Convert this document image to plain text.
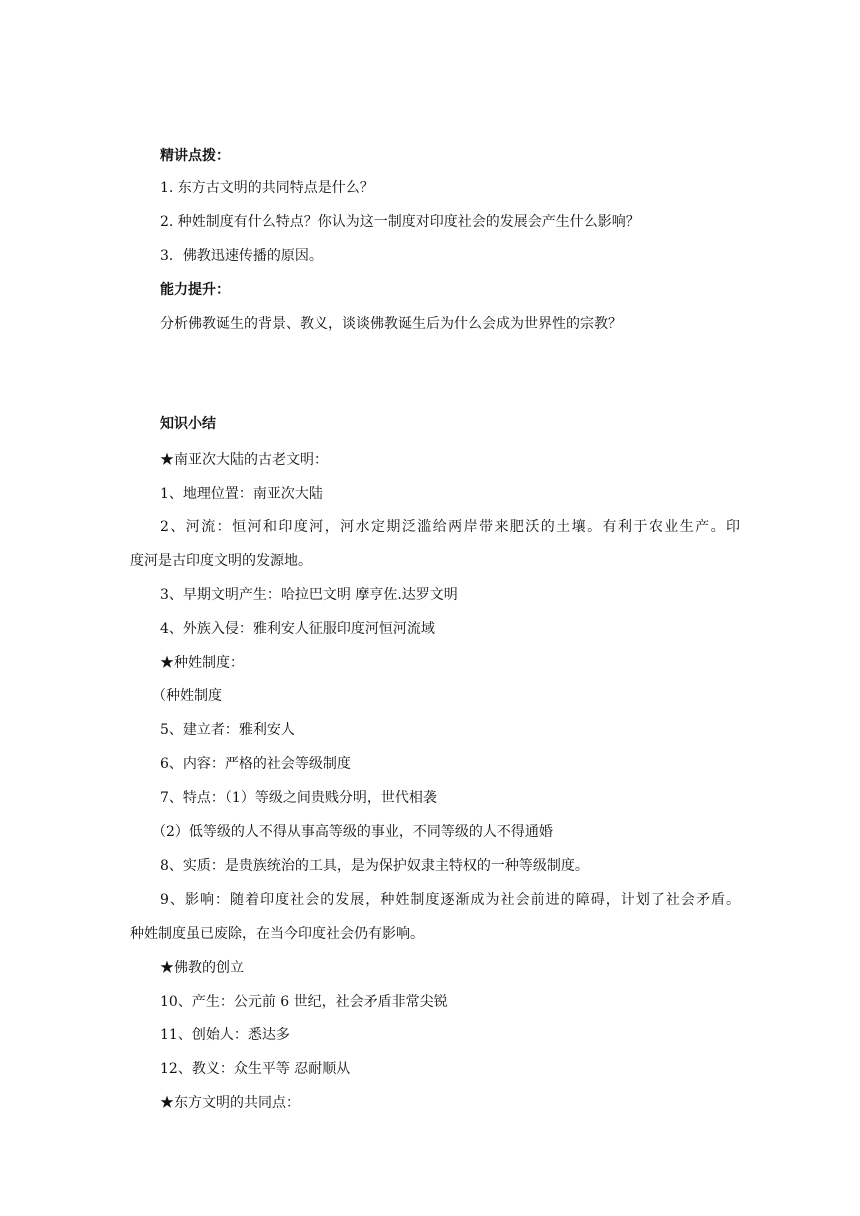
精讲点拨：
1. 东方古文明的共同特点是什么？
2. 种姓制度有什么特点？你认为这一制度对印度社会的发展会产生什么影响？
3．佛教迅速传播的原因。
能力提升：
分析佛教诞生的背景、教义，谈谈佛教诞生后为什么会成为世界性的宗教？
知识小结
★南亚次大陆的古老文明：
1、地理位置：南亚次大陆
2、河流：恒河和印度河，河水定期泛滥给两岸带来肥沃的土壤。有利于农业生产。印
度河是古印度文明的发源地。
3、早期文明产生：哈拉巴文明 摩亨佐.达罗文明
4、外族入侵：雅利安人征服印度河恒河流域
★种姓制度：
（种姓制度
5、建立者：雅利安人
6、内容：严格的社会等级制度
7、特点：（1）等级之间贵贱分明，世代相袭
（2）低等级的人不得从事高等级的事业，不同等级的人不得通婚
8、实质：是贵族统治的工具，是为保护奴隶主特权的一种等级制度。
9、影响：随着印度社会的发展，种姓制度逐渐成为社会前进的障碍，计划了社会矛盾。
种姓制度虽已废除，在当今印度社会仍有影响。
★佛教的创立
10、产生：公元前 6 世纪，社会矛盾非常尖锐
11、创始人：悉达多
12、教义：众生平等 忍耐顺从
★东方文明的共同点：
